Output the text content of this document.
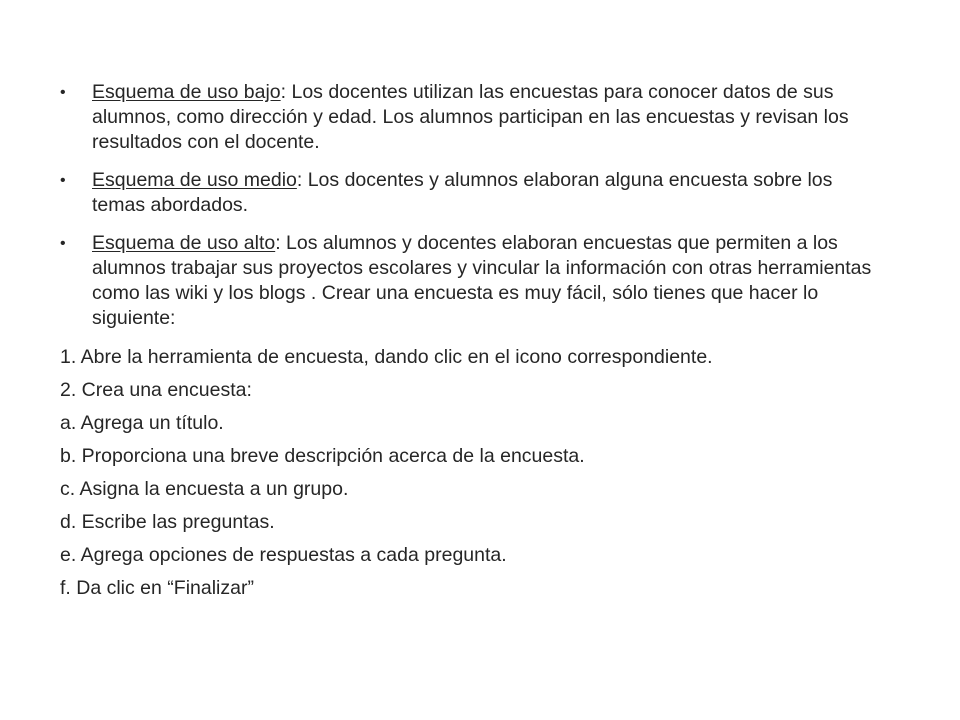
•	Esquema de uso bajo: Los docentes utilizan las encuestas para conocer datos de sus alumnos, como dirección y edad. Los alumnos participan en las encuestas y revisan los resultados con el docente.
•	Esquema de uso medio: Los docentes y alumnos elaboran alguna encuesta sobre los temas abordados.
•	Esquema de uso alto: Los alumnos y docentes elaboran encuestas que permiten a los alumnos trabajar sus proyectos escolares y vincular la información con otras herramientas como las wiki y los blogs . Crear una encuesta es muy fácil, sólo tienes que hacer lo siguiente:
1. Abre la herramienta de encuesta, dando clic en el icono correspondiente.
2. Crea una encuesta:
a. Agrega un título.
b. Proporciona una breve descripción acerca de la encuesta.
c. Asigna la encuesta a un grupo.
d. Escribe las preguntas.
e. Agrega opciones de respuestas a cada pregunta.
f. Da clic en “Finalizar”
